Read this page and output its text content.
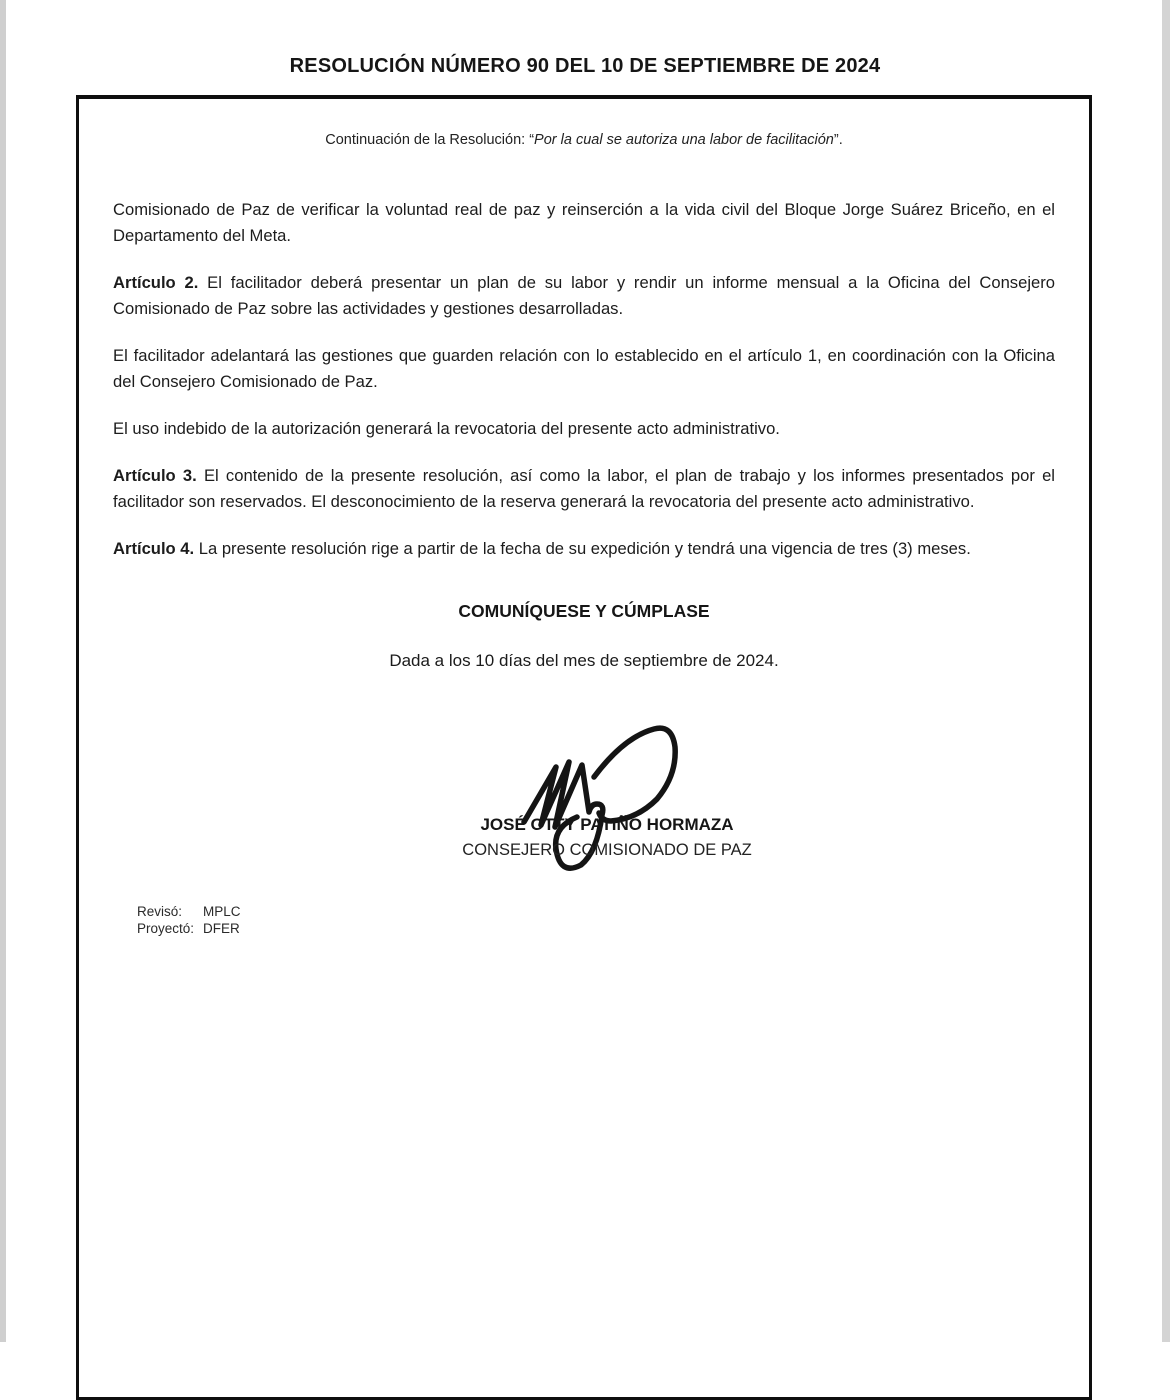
RESOLUCIÓN NÚMERO 90 DEL 10 DE SEPTIEMBRE DE 2024
Continuación de la Resolución: “Por la cual se autoriza una labor de facilitación”.

Comisionado de Paz de verificar la voluntad real de paz y reinserción a la vida civil del Bloque Jorge Suárez Briceño, en el Departamento del Meta.

Artículo 2. El facilitador deberá presentar un plan de su labor y rendir un informe mensual a la Oficina del Consejero Comisionado de Paz sobre las actividades y gestiones desarrolladas.

El facilitador adelantará las gestiones que guarden relación con lo establecido en el artículo 1, en coordinación con la Oficina del Consejero Comisionado de Paz.

El uso indebido de la autorización generará la revocatoria del presente acto administrativo.

Artículo 3. El contenido de la presente resolución, así como la labor, el plan de trabajo y los informes presentados por el facilitador son reservados. El desconocimiento de la reserva generará la revocatoria del presente acto administrativo.

Artículo 4. La presente resolución rige a partir de la fecha de su expedición y tendrá una vigencia de tres (3) meses.

COMUNÍQUESE Y CÚMPLASE
Dada a los 10 días del mes de septiembre de 2024.
JOSÉ OTTY PATIÑO HORMAZA
CONSEJERO COMISIONADO DE PAZ
Revisó: MPLC
Proyectó: DFER
